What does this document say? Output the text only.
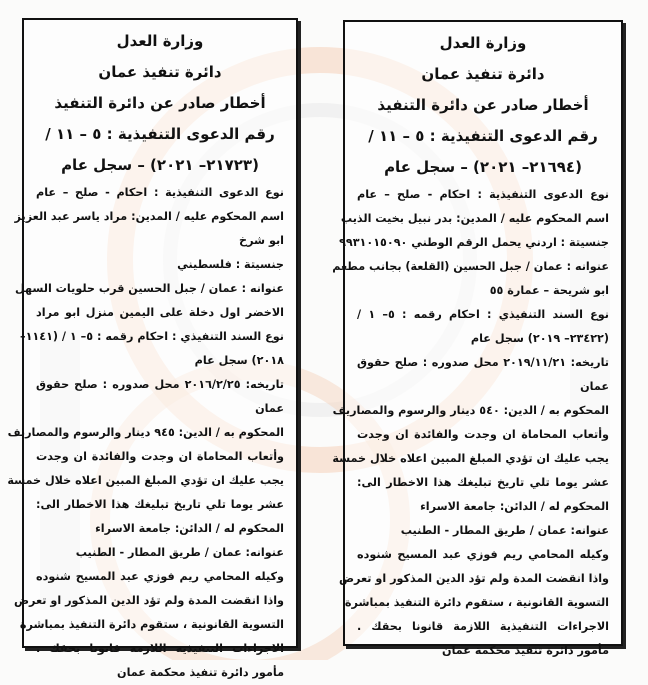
وزارة العدل
دائرة تنفيذ عمان
أخطار صادر عن دائرة التنفيذ
رقم الدعوى التنفيذية : ٥ – ١١ /
(٢١٧٢٣– ٢٠٢١) – سجل عام
نوع الدعوى التنفيذية : احكام - صلح – عام
اسم المحكوم عليه / المدين: مراد ياسر عبد العزيز
ابو شرخ
جنسيتة : فلسطيني
عنوانه : عمان / جبل الحسين قرب حلويات السهل
الاخضر اول دخلة على اليمين منزل ابو مراد
نوع السند التنفيذي : احكام رقمه : ٥– ١ / (١١٤١–
٢٠١٨) سجل عام
تاريخه: ٢٠١٦/٢/٢٥ محل صدوره : صلح حقوق
عمان
المحكوم به / الدين: ٩٤٥ دينار والرسوم والمصاريف
وأتعاب المحاماة ان وجدت والفائدة ان وجدت
يجب عليك ان تؤدي المبلغ المبين اعلاه خلال خمسة
عشر يوما تلي تاريخ تبليغك هذا الاخطار الى:
المحكوم له / الدائن: جامعة الاسراء
عنوانه: عمان / طريق المطار - الطنيب
وكيله المحامي ريم فوزي عبد المسيح شنوده
واذا انقضت المدة ولم تؤد الدين المذكور او تعرض
التسوية القانونية ، ستقوم دائرة التنفيذ بمباشرة
الاجراءات التنفيذية اللازمة قانونا بحقك .
مأمور دائرة تنفيذ محكمة عمان
وزارة العدل
دائرة تنفيذ عمان
أخطار صادر عن دائرة التنفيذ
رقم الدعوى التنفيذية : ٥ – ١١ /
(٢١٦٩٤– ٢٠٢١) – سجل عام
نوع الدعوى التنفيذية : احكام - صلح – عام
اسم المحكوم عليه / المدين: بدر نبيل بخيت الذيب
جنسيتة : اردني يحمل الرقم الوطني ٩٩٣١٠١٥٠٩٠
عنوانه : عمان / جبل الحسين (القلعة) بجانب مطعم
ابو شريحة – عمارة ٥٥
نوع السند التنفيذي : احكام رقمه : ٥– ١ /
(٢٣٤٢٢– ٢٠١٩) سجل عام
تاريخه: ٢٠١٩/١١/٢١ محل صدوره : صلح حقوق
عمان
المحكوم به / الدين: ٥٤٠ دينار والرسوم والمصاريف
وأتعاب المحاماة ان وجدت والفائدة ان وجدت
يجب عليك ان تؤدي المبلغ المبين اعلاه خلال خمسة
عشر يوما تلي تاريخ تبليغك هذا الاخطار الى:
المحكوم له / الدائن: جامعة الاسراء
عنوانه: عمان / طريق المطار - الطنيب
وكيله المحامي ريم فوزي عبد المسيح شنوده
واذا انقضت المدة ولم تؤد الدين المذكور او تعرض
التسوية القانونية ، ستقوم دائرة التنفيذ بمباشرة
الاجراءات التنفيذية اللازمة قانونا بحقك .
مأمور دائرة تنفيذ محكمة عمان
